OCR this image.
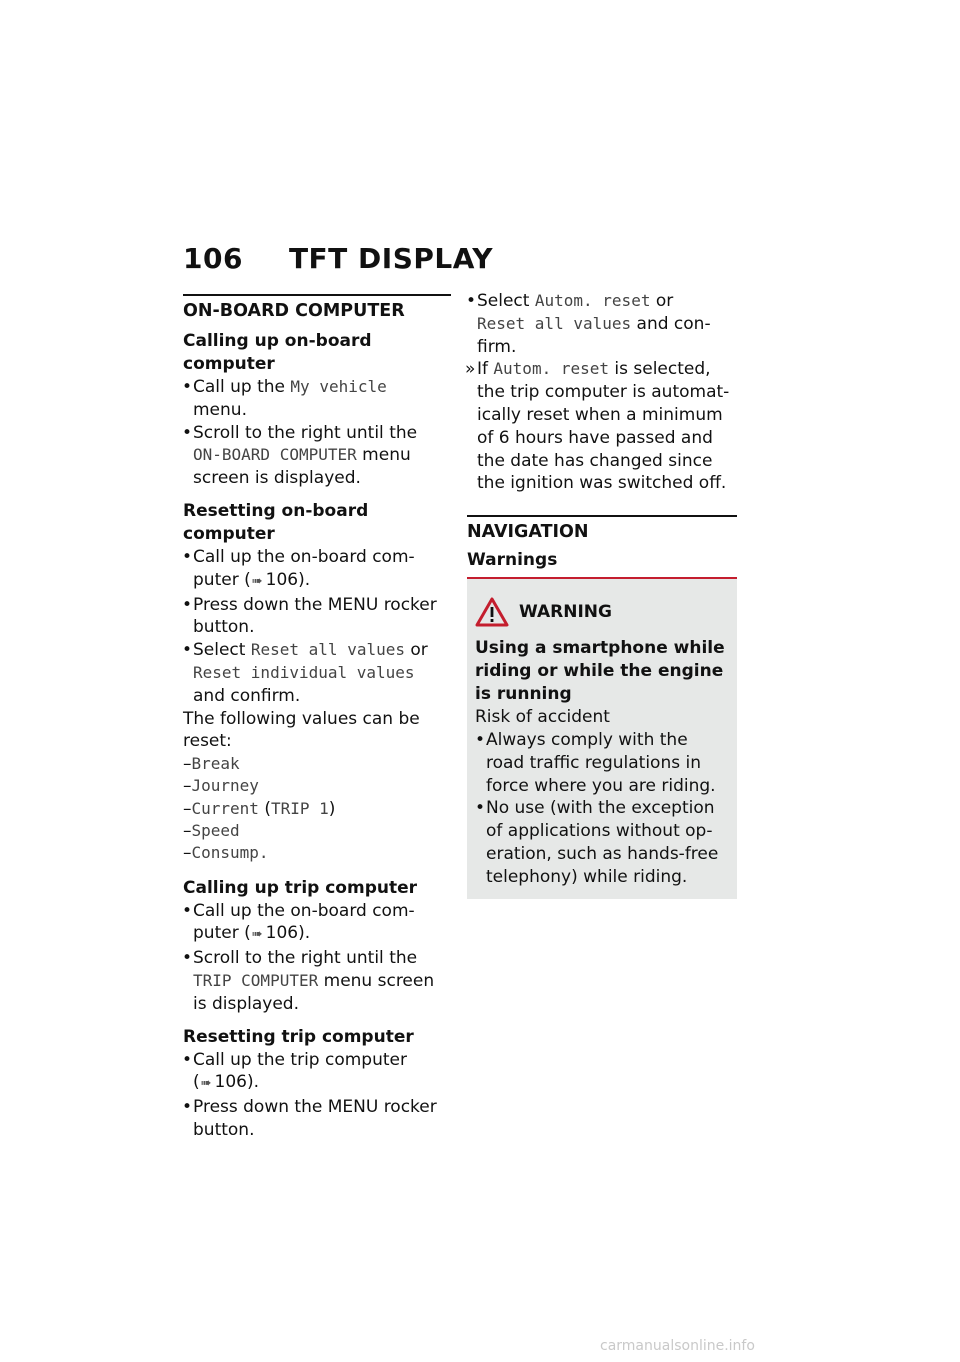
106 TFT DISPLAY
ON-BOARD COMPUTER
Calling up on-board computer
• Call up the My vehicle
menu.
• Scroll to the right until the
ON-BOARD COMPUTER menu screen is displayed.
Resetting on-board computer
• Call up the on-board com-puter (➠ 106).
• Press down the MENU rocker button.
• Select Reset all values or
Reset individual values
and confirm.
The following values can be reset:
–Break
–Journey
–Current (TRIP 1)
–Speed
–Consump.
Calling up trip computer
• Call up the on-board com-puter (➠ 106).
• Scroll to the right until the
TRIP COMPUTER menu screen is displayed.
Resetting trip computer
• Call up the trip computer
(➠ 106).
• Press down the MENU rocker button.
• Select Autom. reset or
Reset all values and con-firm.
» If Autom. reset is selected, the trip computer is automat-ically reset when a minimum of 6 hours have passed and the date has changed since the ignition was switched off.
NAVIGATION
Warnings
WARNING
Using a smartphone while riding or while the engine is running
Risk of accident
• Always comply with the road traffic regulations in force where you are riding.
• No use (with the exception of applications without op-eration, such as hands-free telephony) while riding.
carmanualsonline.info
